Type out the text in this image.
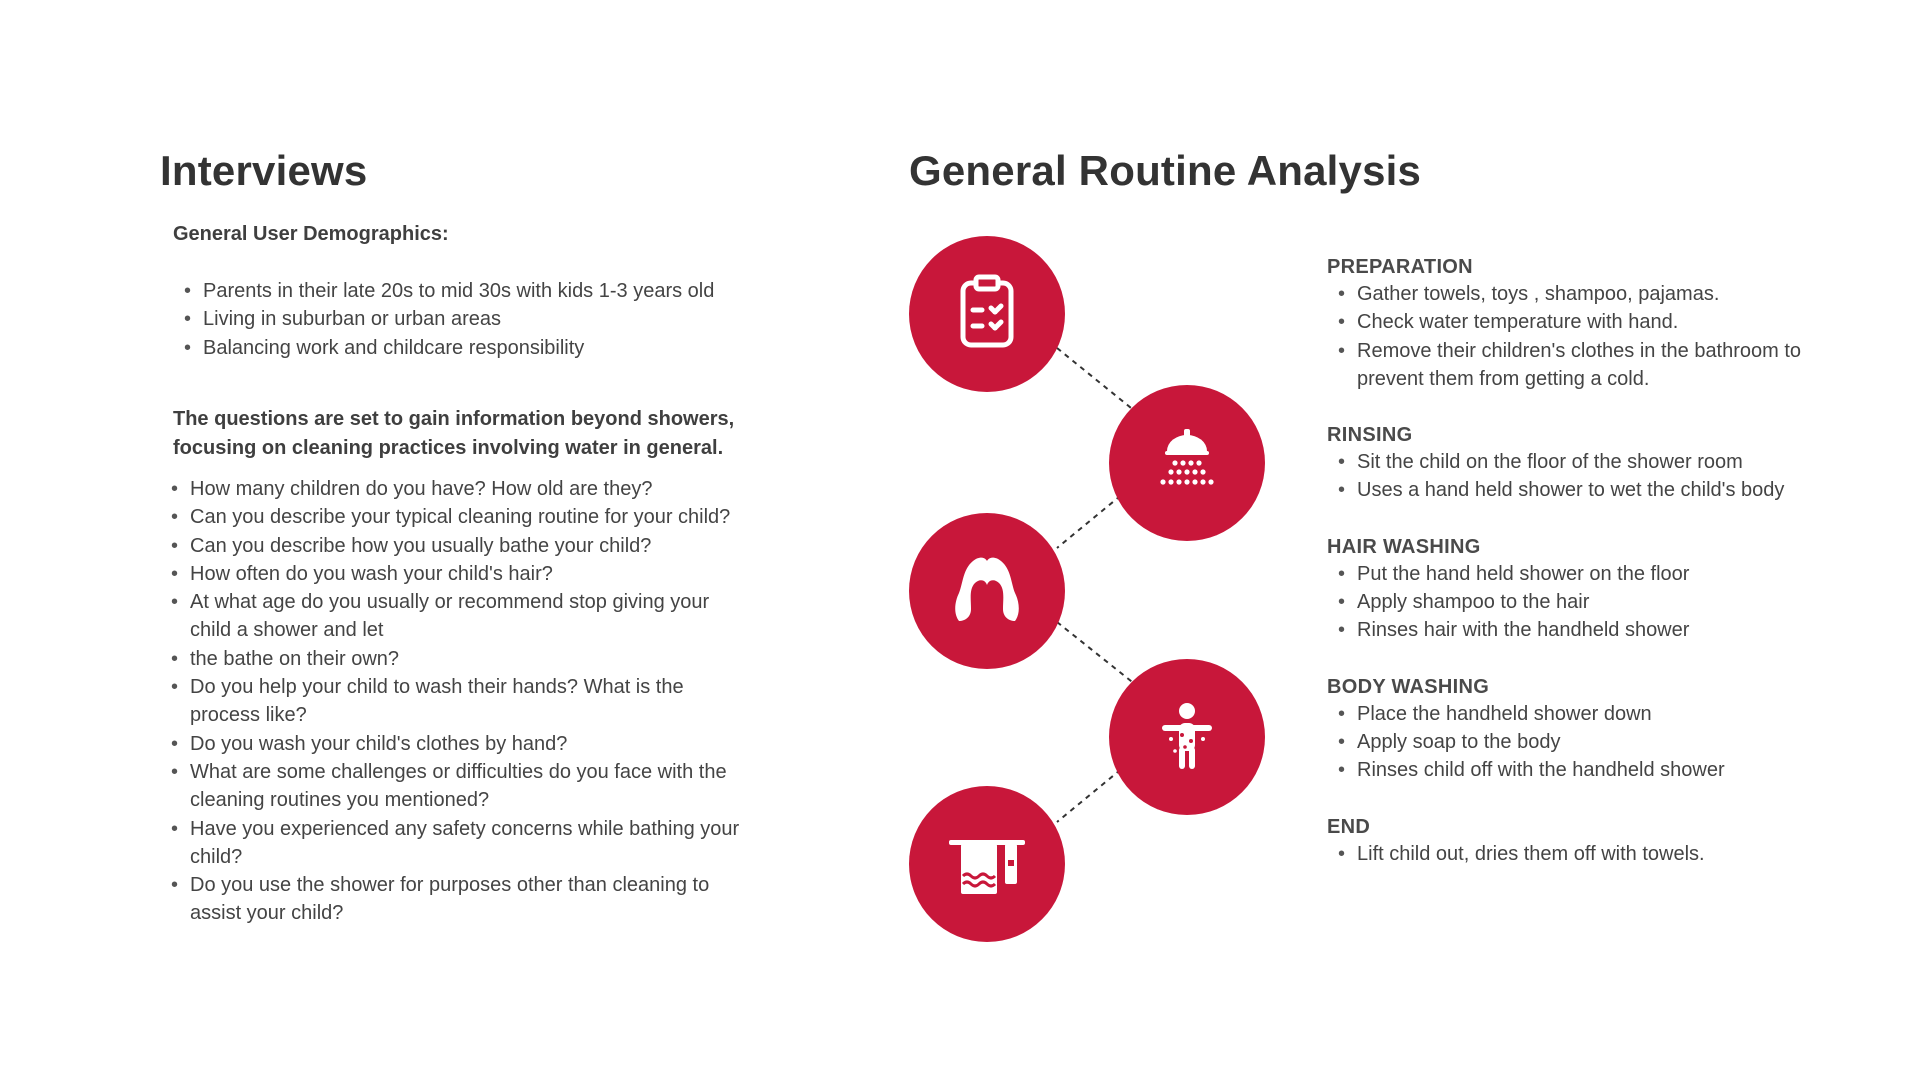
Interviews

General User Demographics:

• Parents in their late 20s to mid 30s with kids 1-3 years old
• Living in suburban or urban areas
• Balancing work and childcare responsibility

The questions are set to gain information beyond showers,
focusing on cleaning practices involving water in general.

• How many children do you have? How old are they?
• Can you describe your typical cleaning routine for your child?
• Can you describe how you usually bathe your child?
• How often do you wash your child's hair?
• At what age do you usually or recommend stop giving your child a shower and let
• the bathe on their own?
• Do you help your child to wash their hands? What is the process like?
• Do you wash your child's clothes by hand?
• What are some challenges or difficulties do you face with the cleaning routines you mentioned?
• Have you experienced any safety concerns while bathing your child?
• Do you use the shower for purposes other than cleaning to assist your child?
General Routine Analysis

PREPARATION

• Gather towels, toys , shampoo, pajamas.
• Check water temperature with hand.
• Remove their children's clothes in the bathroom to prevent them from getting a cold.

RINSING

• Sit the child on the floor of the shower room
• Uses a hand held shower to wet the child's body

HAIR WASHING

• Put the hand held shower on the floor
• Apply shampoo to the hair
• Rinses hair with the handheld shower

BODY WASHING

• Place the handheld shower down
• Apply soap to the body
• Rinses child off with the handheld shower

END

• Lift child out, dries them off with towels.
